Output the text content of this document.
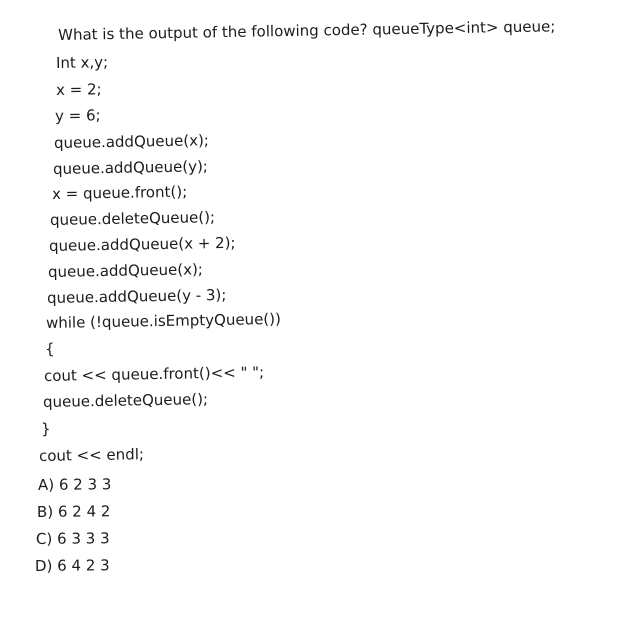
What is the output of the following code? queueType<int> queue;
Int x,y;
x = 2;
y = 6;
queue.addQueue(x);
queue.addQueue(y);
x = queue.front();
queue.deleteQueue();
queue.addQueue(x + 2);
queue.addQueue(x);
queue.addQueue(y - 3);
while (!queue.isEmptyQueue())
{
cout << queue.front()<< " ";
queue.deleteQueue();
}
cout << endl;
A) 6 2 3 3
B) 6 2 4 2
C) 6 3 3 3
D) 6 4 2 3
